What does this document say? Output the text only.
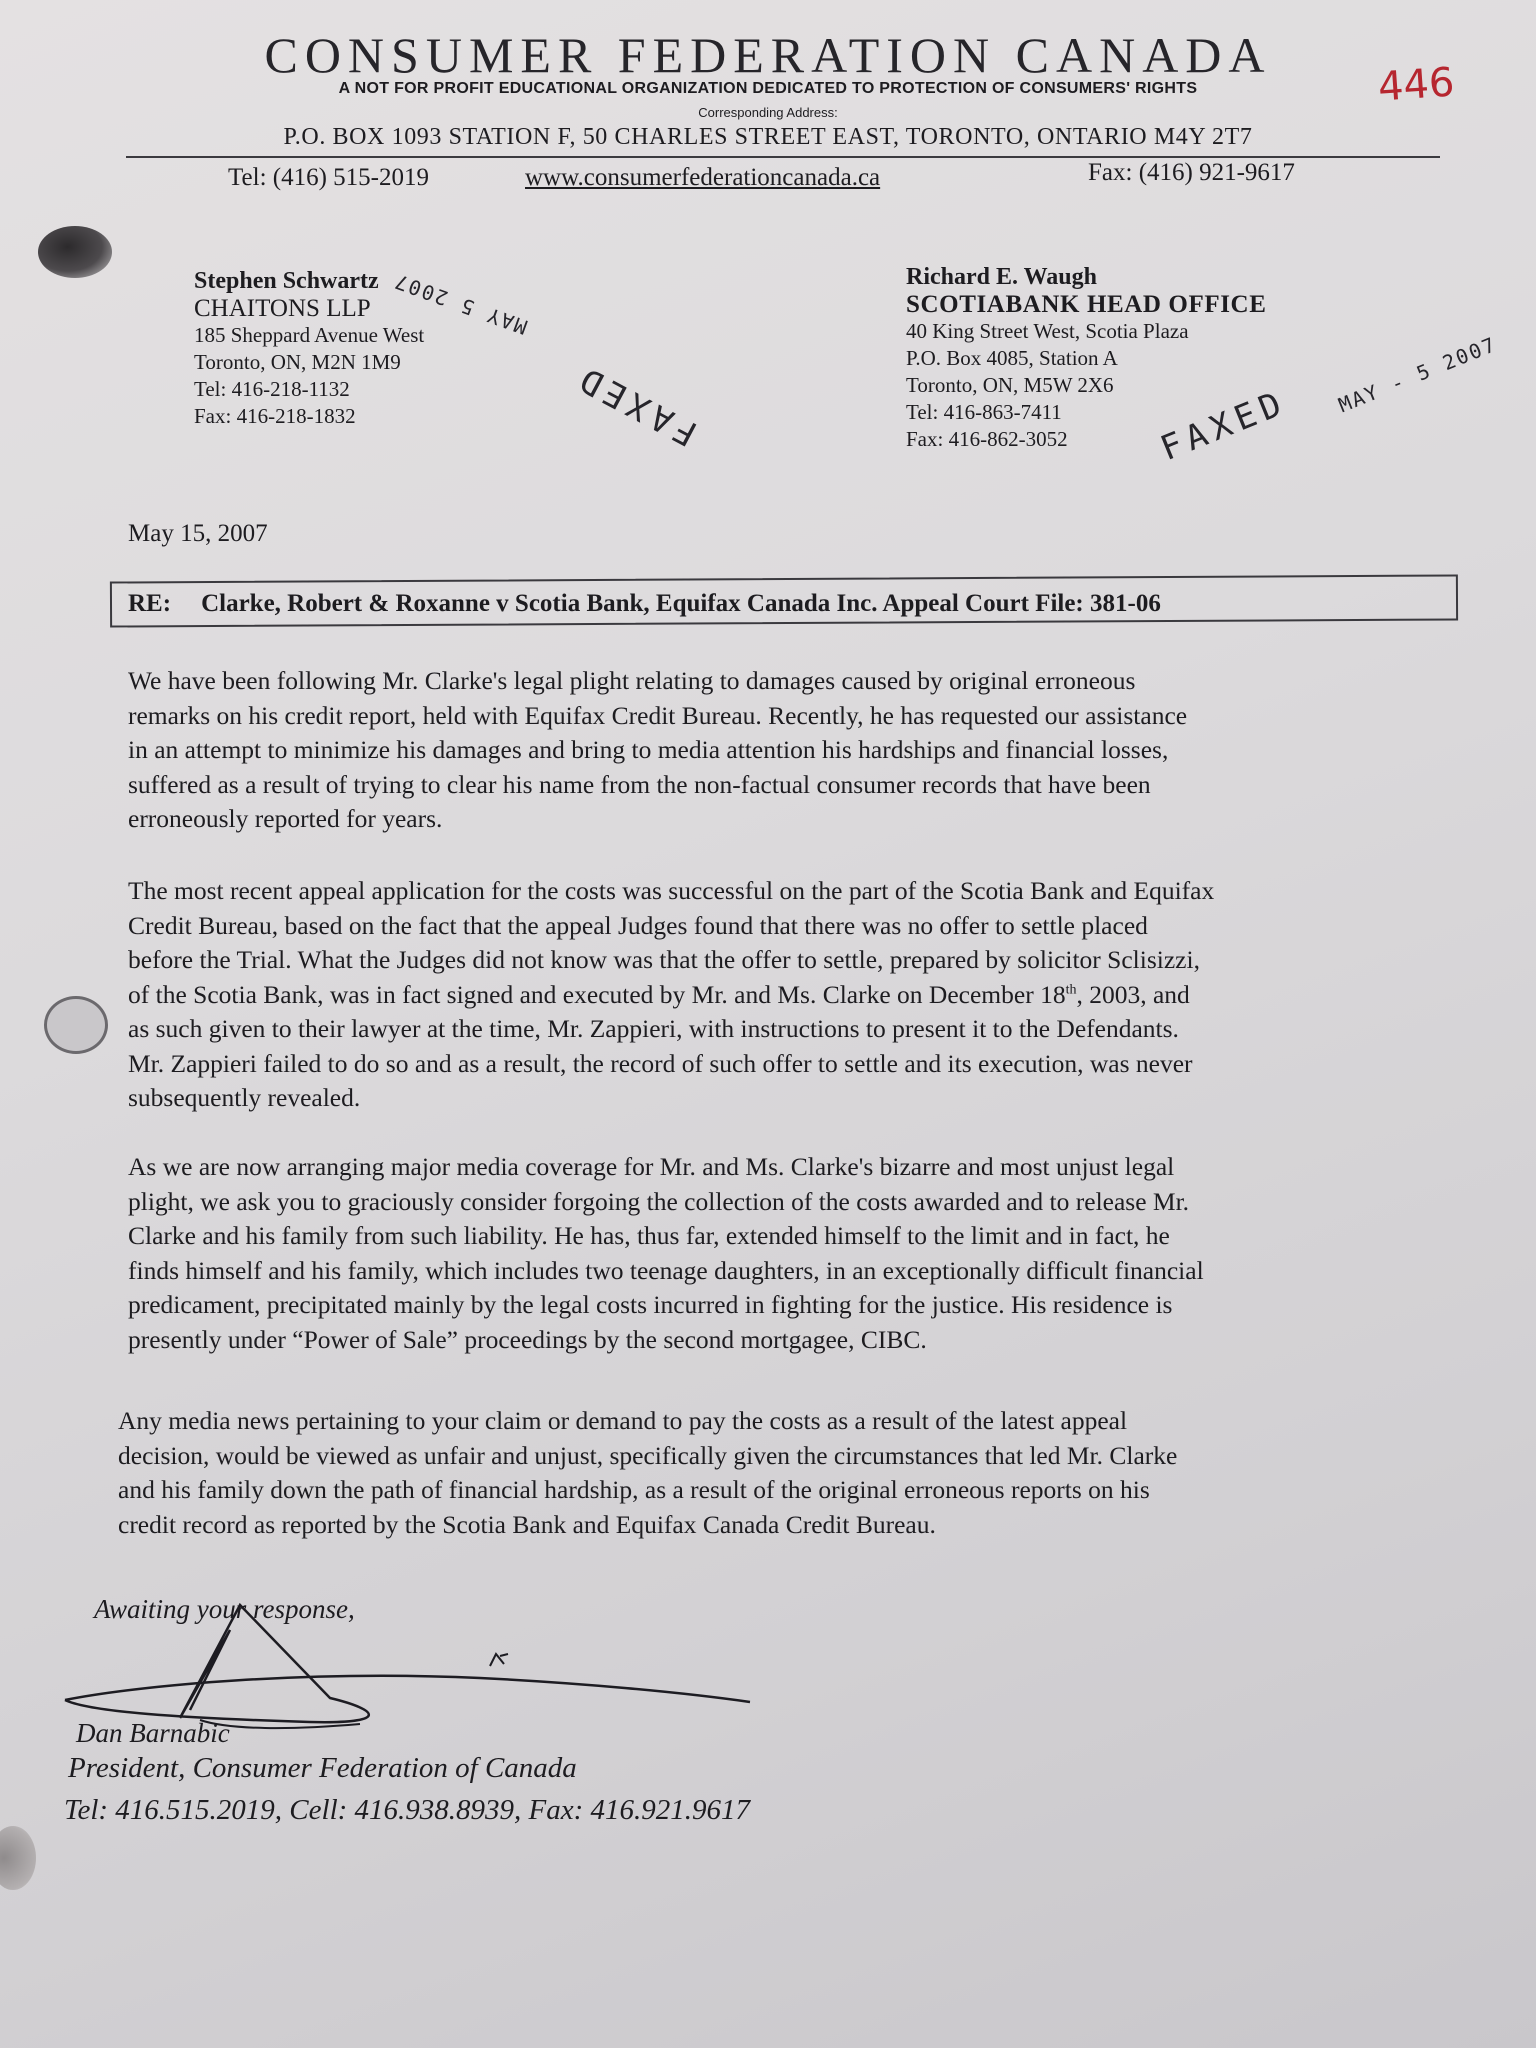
CONSUMER FEDERATION CANADA
A NOT FOR PROFIT EDUCATIONAL ORGANIZATION DEDICATED TO PROTECTION OF CONSUMERS' RIGHTS
Corresponding Address:
P.O. BOX 1093 STATION F, 50 CHARLES STREET EAST, TORONTO, ONTARIO M4Y 2T7
Tel: (416) 515-2019	www.consumerfederationcanada.ca	Fax: (416) 921-9617
446
Stephen Schwartz
CHAITONS LLP
185 Sheppard Avenue West
Toronto, ON, M2N 1M9
Tel: 416-218-1132
Fax: 416-218-1832
Richard E. Waugh
SCOTIABANK HEAD OFFICE
40 King Street West, Scotia Plaza
P.O. Box 4085, Station A
Toronto, ON, M5W 2X6
Tel: 416-863-7411
Fax: 416-862-3052
FAXED
MAY 5 2007
FAXED
MAY - 5 2007
May 15, 2007
RE: Clarke, Robert & Roxanne v Scotia Bank, Equifax Canada Inc. Appeal Court File: 381-06
We have been following Mr. Clarke's legal plight relating to damages caused by original erroneous
remarks on his credit report, held with Equifax Credit Bureau. Recently, he has requested our assistance
in an attempt to minimize his damages and bring to media attention his hardships and financial losses,
suffered as a result of trying to clear his name from the non-factual consumer records that have been
erroneously reported for years.
The most recent appeal application for the costs was successful on the part of the Scotia Bank and Equifax
Credit Bureau, based on the fact that the appeal Judges found that there was no offer to settle placed
before the Trial. What the Judges did not know was that the offer to settle, prepared by solicitor Sclisizzi,
of the Scotia Bank, was in fact signed and executed by Mr. and Ms. Clarke on December 18th, 2003, and
as such given to their lawyer at the time, Mr. Zappieri, with instructions to present it to the Defendants.
Mr. Zappieri failed to do so and as a result, the record of such offer to settle and its execution, was never
subsequently revealed.
As we are now arranging major media coverage for Mr. and Ms. Clarke's bizarre and most unjust legal
plight, we ask you to graciously consider forgoing the collection of the costs awarded and to release Mr.
Clarke and his family from such liability. He has, thus far, extended himself to the limit and in fact, he
finds himself and his family, which includes two teenage daughters, in an exceptionally difficult financial
predicament, precipitated mainly by the legal costs incurred in fighting for the justice. His residence is
presently under “Power of Sale” proceedings by the second mortgagee, CIBC.
Any media news pertaining to your claim or demand to pay the costs as a result of the latest appeal
decision, would be viewed as unfair and unjust, specifically given the circumstances that led Mr. Clarke
and his family down the path of financial hardship, as a result of the original erroneous reports on his
credit record as reported by the Scotia Bank and Equifax Canada Credit Bureau.
Awaiting your response,
Dan Barnabic
President, Consumer Federation of Canada
Tel: 416.515.2019, Cell: 416.938.8939, Fax: 416.921.9617
